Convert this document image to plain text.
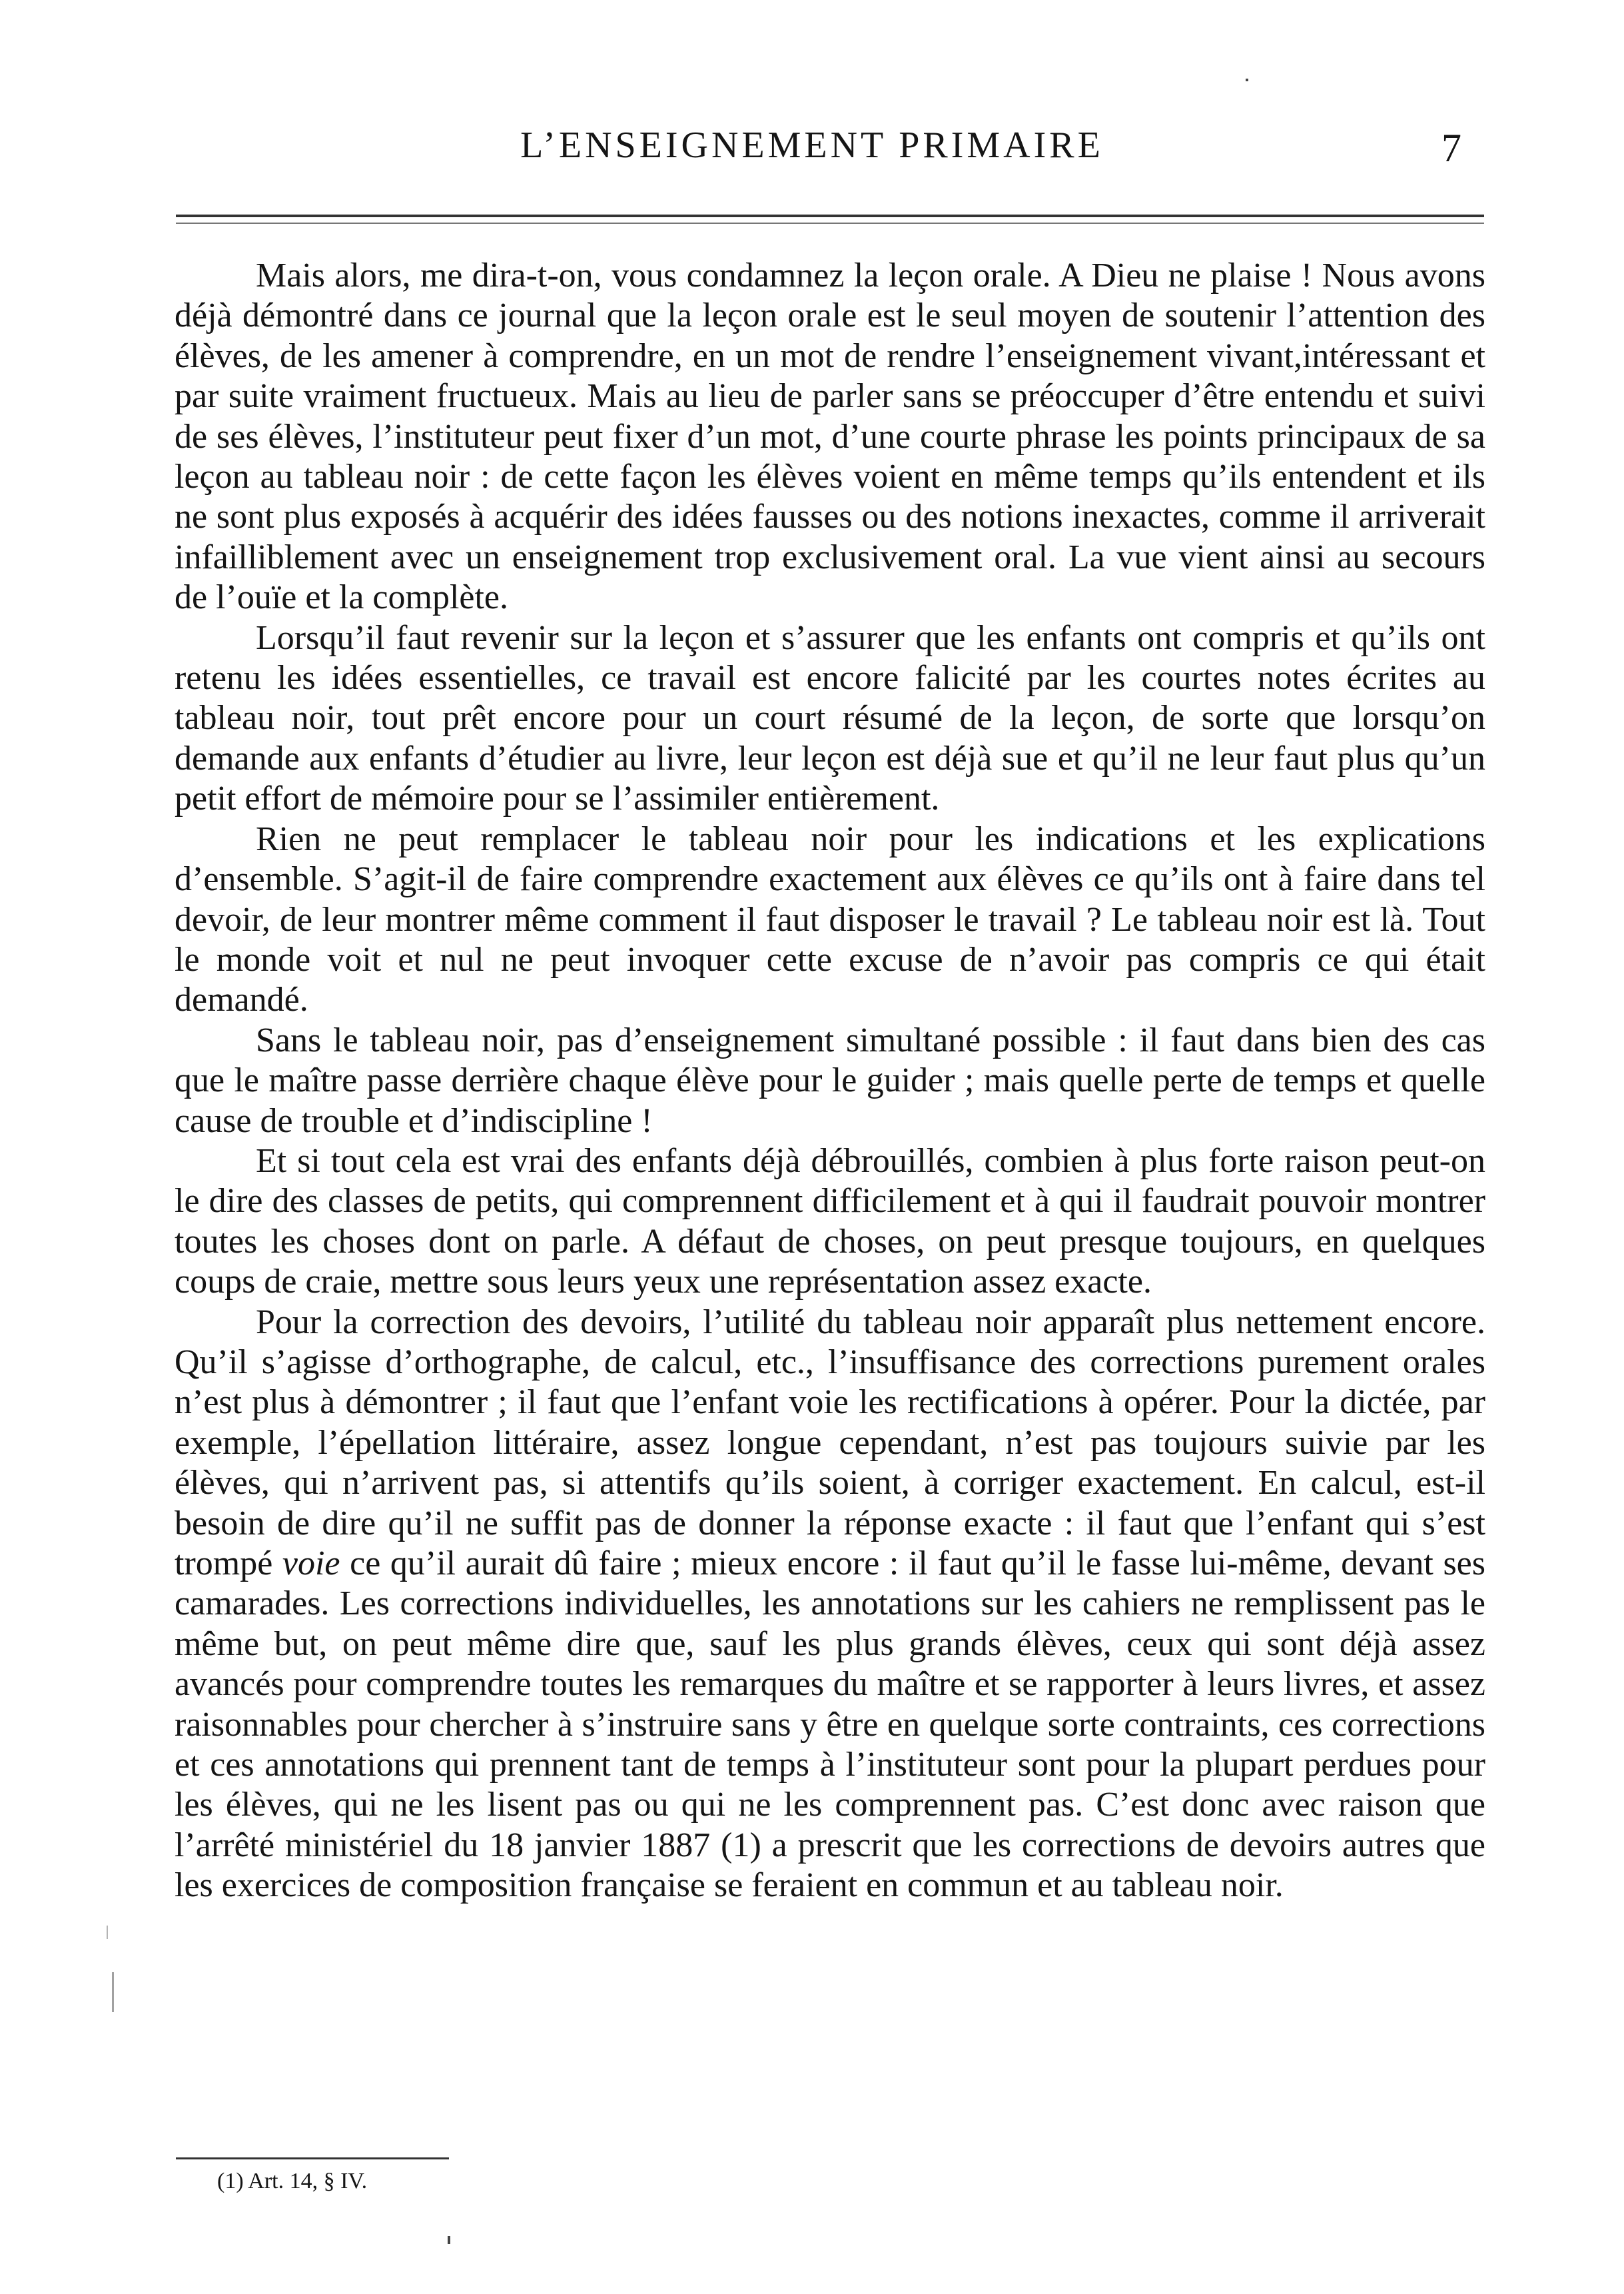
L’ENSEIGNEMENT PRIMAIRE	7

Mais alors, me dira-t-on, vous condamnez la leçon orale. A Dieu ne plaise ! Nous avons déjà démontré dans ce journal que la leçon orale est le seul moyen de soutenir l’attention des élèves, de les amener à comprendre, en un mot de rendre l’enseignement vivant,intéressant et par suite vraiment fructueux. Mais au lieu de parler sans se préoccuper d’être entendu et suivi de ses élèves, l’instituteur peut fixer d’un mot, d’une courte phrase les points principaux de sa leçon au tableau noir : de cette façon les élèves voient en même temps qu’ils entendent et ils ne sont plus exposés à acquérir des idées fausses ou des notions inexactes, comme il arriverait infailliblement avec un enseignement trop exclusivement oral. La vue vient ainsi au secours de l’ouïe et la complète.

Lorsqu’il faut revenir sur la leçon et s’assurer que les enfants ont compris et qu’ils ont retenu les idées essentielles, ce travail est encore falicité par les courtes notes écrites au tableau noir, tout prêt encore pour un court résumé de la leçon, de sorte que lorsqu’on demande aux enfants d’étudier au livre, leur leçon est déjà sue et qu’il ne leur faut plus qu’un petit effort de mémoire pour se l’assimiler entièrement.

Rien ne peut remplacer le tableau noir pour les indications et les explications d’ensemble. S’agit-il de faire comprendre exactement aux élèves ce qu’ils ont à faire dans tel devoir, de leur montrer même comment il faut disposer le travail ? Le tableau noir est là. Tout le monde voit et nul ne peut invoquer cette excuse de n’avoir pas compris ce qui était demandé.

Sans le tableau noir, pas d’enseignement simultané possible : il faut dans bien des cas que le maître passe derrière chaque élève pour le guider ; mais quelle perte de temps et quelle cause de trouble et d’indiscipline !

Et si tout cela est vrai des enfants déjà débrouillés, combien à plus forte raison peut-on le dire des classes de petits, qui comprennent difficilement et à qui il faudrait pouvoir montrer toutes les choses dont on parle. A défaut de choses, on peut presque toujours, en quelques coups de craie, mettre sous leurs yeux une représentation assez exacte.

Pour la correction des devoirs, l’utilité du tableau noir apparaît plus nettement encore. Qu’il s’agisse d’orthographe, de calcul, etc., l’insuffisance des corrections purement orales n’est plus à démontrer ; il faut que l’enfant voie les rectifications à opérer. Pour la dictée, par exemple, l’épellation littéraire, assez longue cependant, n’est pas toujours suivie par les élèves, qui n’arrivent pas, si attentifs qu’ils soient, à corriger exactement. En calcul, est-il besoin de dire qu’il ne suffit pas de donner la réponse exacte : il faut que l’enfant qui s’est trompé voie ce qu’il aurait dû faire ; mieux encore : il faut qu’il le fasse lui-même, devant ses camarades. Les corrections individuelles, les annotations sur les cahiers ne remplissent pas le même but, on peut même dire que, sauf les plus grands élèves, ceux qui sont déjà assez avancés pour comprendre toutes les remarques du maître et se rapporter à leurs livres, et assez raisonnables pour chercher à s’instruire sans y être en quelque sorte contraints, ces corrections et ces annotations qui prennent tant de temps à l’instituteur sont pour la plupart perdues pour les élèves, qui ne les lisent pas ou qui ne les comprennent pas. C’est donc avec raison que l’arrêté ministériel du 18 janvier 1887 (1) a prescrit que les corrections de devoirs autres que les exercices de composition française se feraient en commun et au tableau noir.

(1) Art. 14, § IV.
